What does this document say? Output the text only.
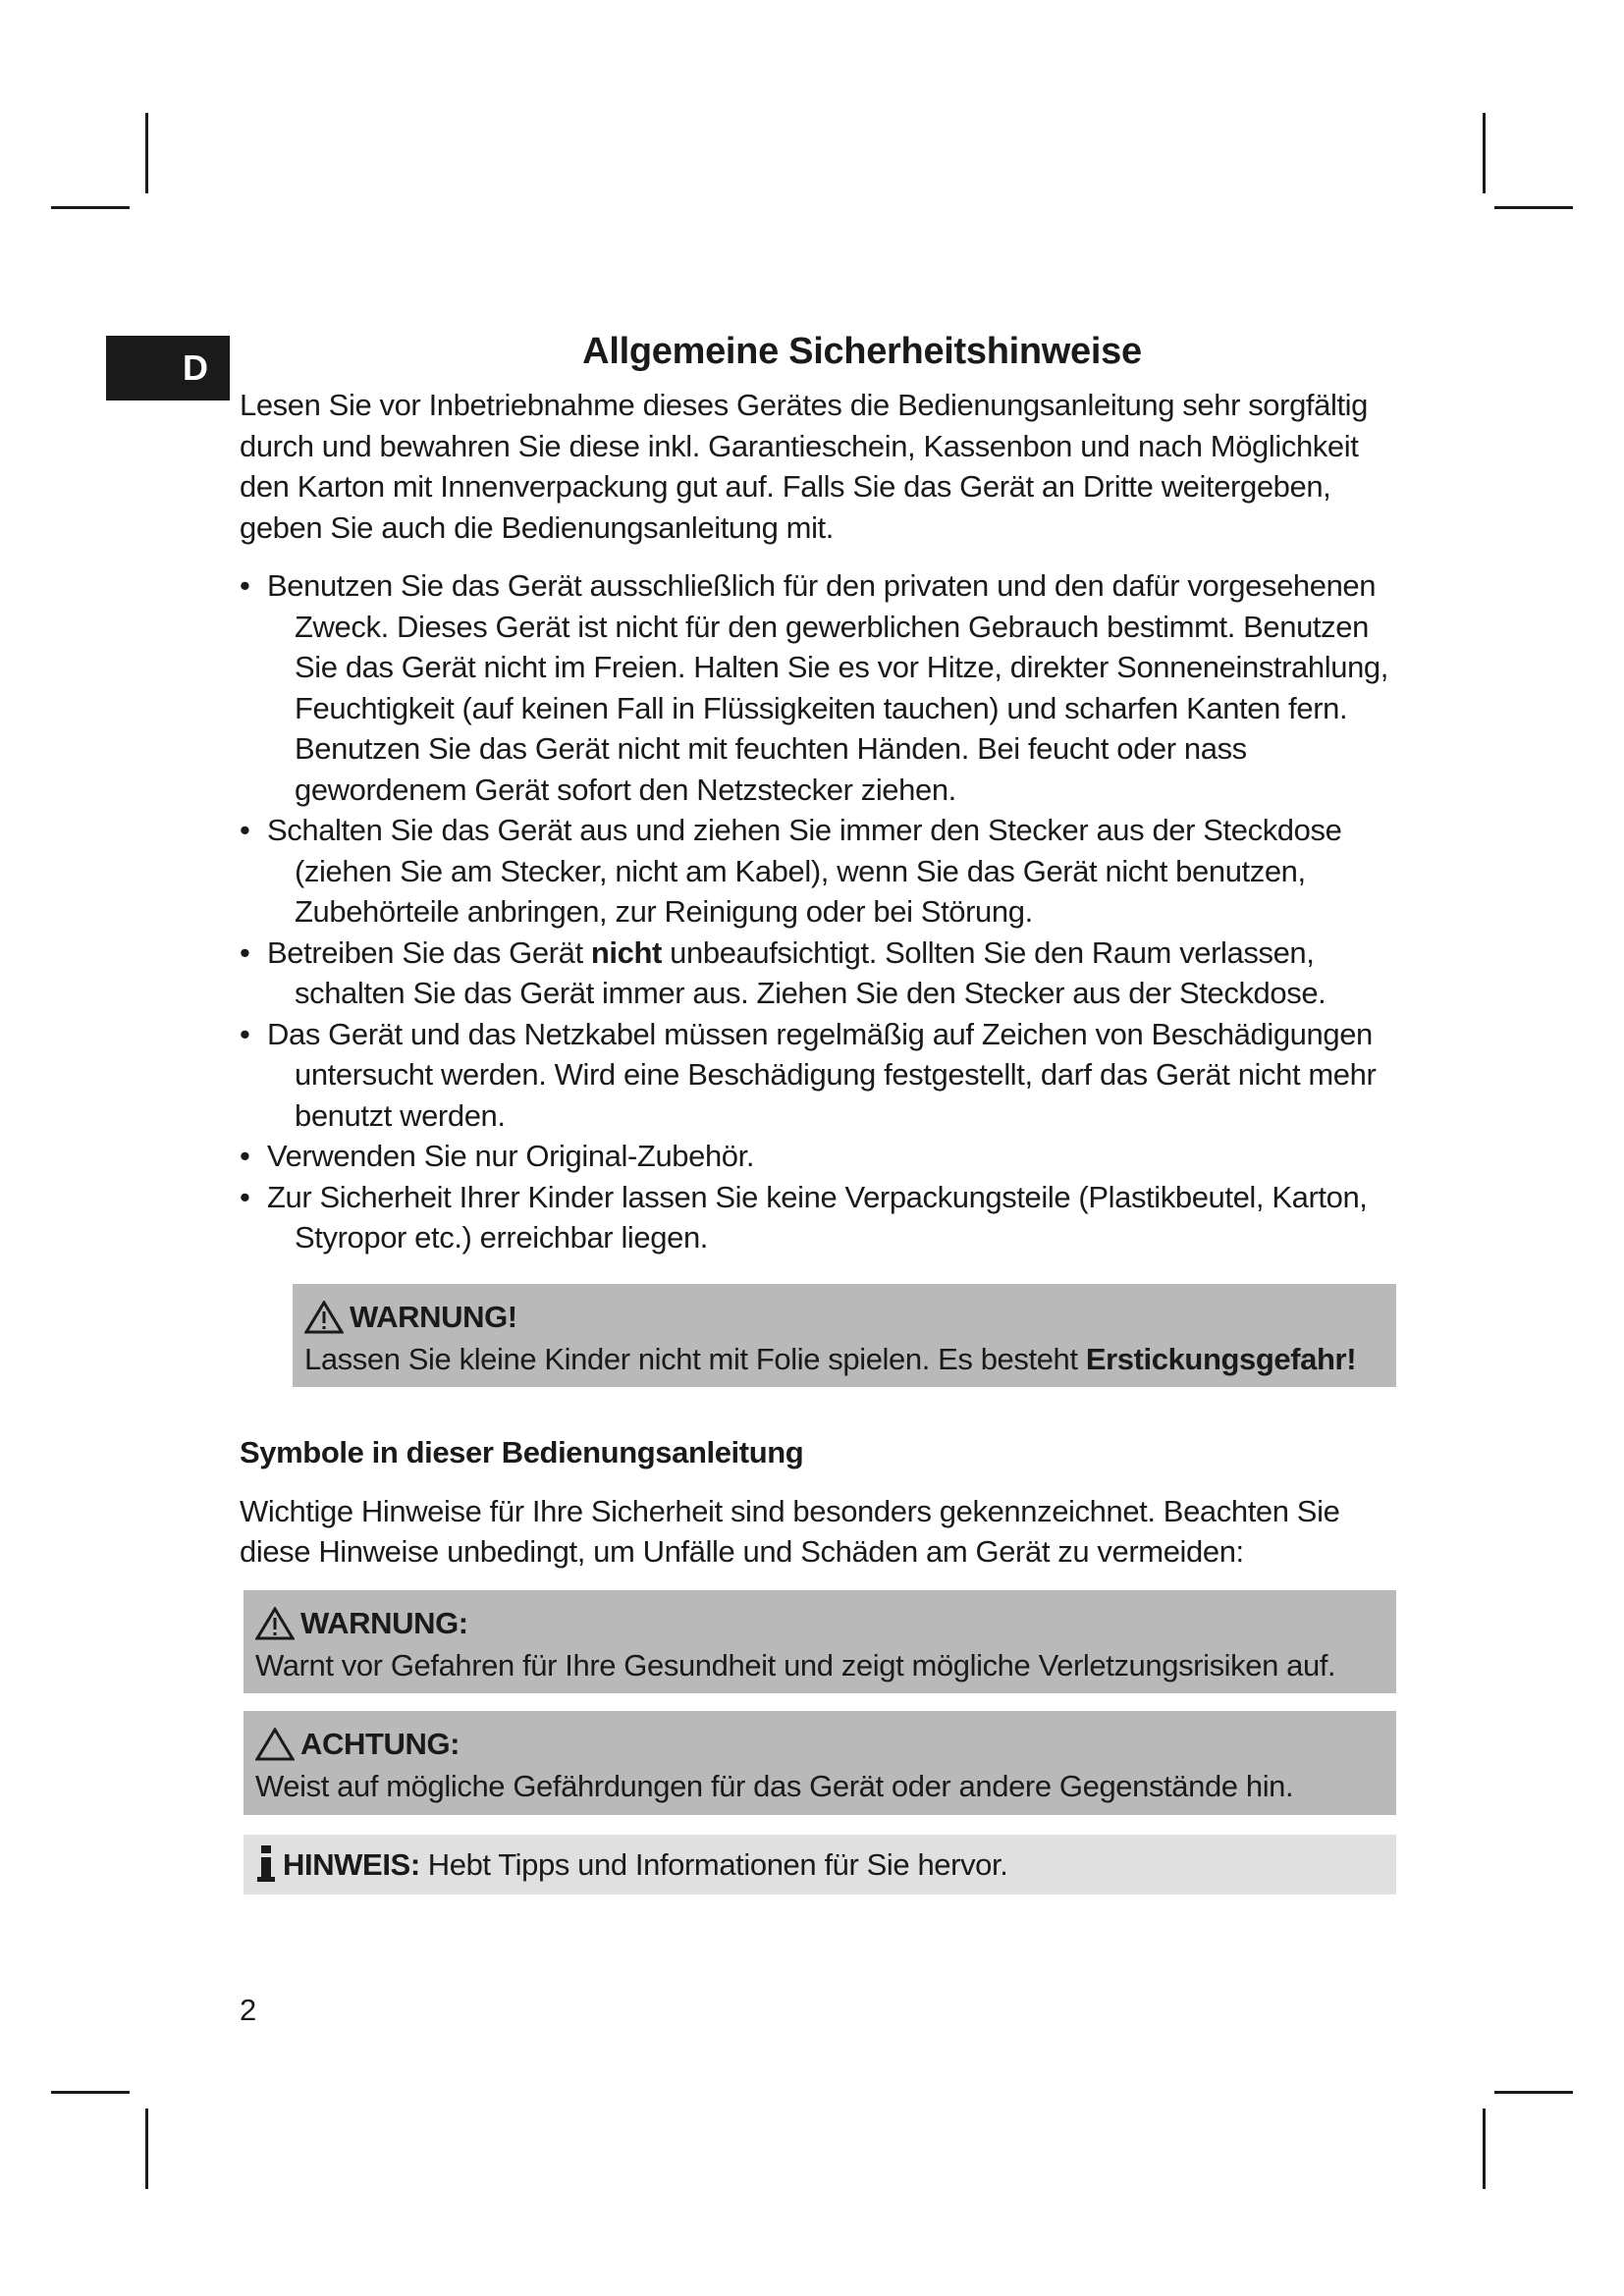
D	Allgemeine Sicherheitshinweise

Lesen Sie vor Inbetriebnahme dieses Gerätes die Bedienungsanleitung sehr sorgfältig durch und bewahren Sie diese inkl. Garantieschein, Kassenbon und nach Möglichkeit den Karton mit Innenverpackung gut auf. Falls Sie das Gerät an Dritte weitergeben, geben Sie auch die Bedienungsanleitung mit.

• Benutzen Sie das Gerät ausschließlich für den privaten und den dafür vorgesehenen Zweck. Dieses Gerät ist nicht für den gewerblichen Gebrauch bestimmt. Benutzen Sie das Gerät nicht im Freien. Halten Sie es vor Hitze, direkter Sonneneinstrahlung, Feuchtigkeit (auf keinen Fall in Flüssigkeiten tauchen) und scharfen Kanten fern. Benutzen Sie das Gerät nicht mit feuchten Händen. Bei feucht oder nass gewordenem Gerät sofort den Netzstecker ziehen.
• Schalten Sie das Gerät aus und ziehen Sie immer den Stecker aus der Steckdose (ziehen Sie am Stecker, nicht am Kabel), wenn Sie das Gerät nicht benutzen, Zubehörteile anbringen, zur Reinigung oder bei Störung.
• Betreiben Sie das Gerät nicht unbeaufsichtigt. Sollten Sie den Raum verlassen, schalten Sie das Gerät immer aus. Ziehen Sie den Stecker aus der Steckdose.
• Das Gerät und das Netzkabel müssen regelmäßig auf Zeichen von Beschädigungen untersucht werden. Wird eine Beschädigung festgestellt, darf das Gerät nicht mehr benutzt werden.
• Verwenden Sie nur Original-Zubehör.
• Zur Sicherheit Ihrer Kinder lassen Sie keine Verpackungsteile (Plastikbeutel, Karton, Styropor etc.) erreichbar liegen.
WARNUNG!

Lassen Sie kleine Kinder nicht mit Folie spielen. Es besteht Erstickungsgefahr!

Symbole in dieser Bedienungsanleitung

Wichtige Hinweise für Ihre Sicherheit sind besonders gekennzeichnet. Beachten Sie diese Hinweise unbedingt, um Unfälle und Schäden am Gerät zu vermeiden:

WARNUNG:

Warnt vor Gefahren für Ihre Gesundheit und zeigt mögliche Verletzungsrisiken auf.

ACHTUNG:

Weist auf mögliche Gefährdungen für das Gerät oder andere Gegenstände hin.

HINWEIS: Hebt Tipps und Informationen für Sie hervor.
2
